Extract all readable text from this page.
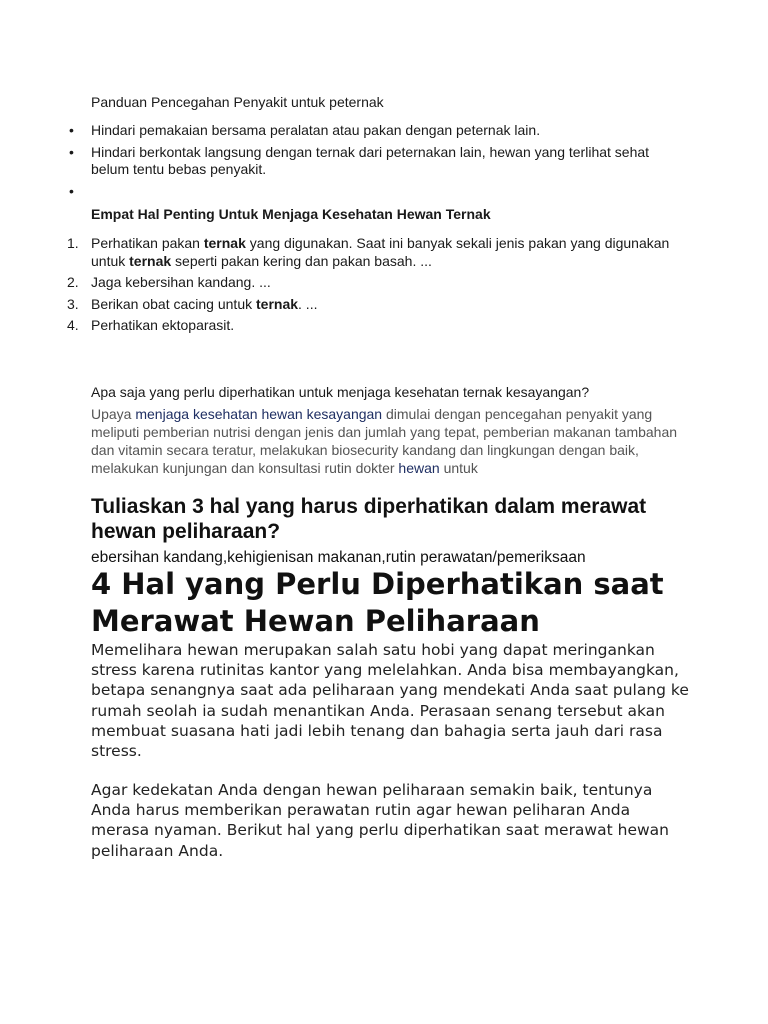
Panduan Pencegahan Penyakit untuk peternak
• Hindari pemakaian bersama peralatan atau pakan dengan peternak lain.
• Hindari berkontak langsung dengan ternak dari peternakan lain, hewan yang terlihat sehat belum tentu bebas penyakit.
•
Empat Hal Penting Untuk Menjaga Kesehatan Hewan Ternak
1. Perhatikan pakan ternak yang digunakan. Saat ini banyak sekali jenis pakan yang digunakan untuk ternak seperti pakan kering dan pakan basah. ...
2. Jaga kebersihan kandang. ...
3. Berikan obat cacing untuk ternak. ...
4. Perhatikan ektoparasit.
Apa saja yang perlu diperhatikan untuk menjaga kesehatan ternak kesayangan?
Upaya menjaga kesehatan hewan kesayangan dimulai dengan pencegahan penyakit yang meliputi pemberian nutrisi dengan jenis dan jumlah yang tepat, pemberian makanan tambahan dan vitamin secara teratur, melakukan biosecurity kandang dan lingkungan dengan baik, melakukan kunjungan dan konsultasi rutin dokter hewan untuk
Tuliaskan 3 hal yang harus diperhatikan dalam merawat hewan peliharaan?
ebersihan kandang,kehigienisan makanan,rutin perawatan/pemeriksaan
4 Hal yang Perlu Diperhatikan saat Merawat Hewan Peliharaan
Memelihara hewan merupakan salah satu hobi yang dapat meringankan stress karena rutinitas kantor yang melelahkan. Anda bisa membayangkan, betapa senangnya saat ada peliharaan yang mendekati Anda saat pulang ke rumah seolah ia sudah menantikan Anda. Perasaan senang tersebut akan membuat suasana hati jadi lebih tenang dan bahagia serta jauh dari rasa stress.
Agar kedekatan Anda dengan hewan peliharaan semakin baik, tentunya Anda harus memberikan perawatan rutin agar hewan peliharan Anda merasa nyaman. Berikut hal yang perlu diperhatikan saat merawat hewan peliharaan Anda.
